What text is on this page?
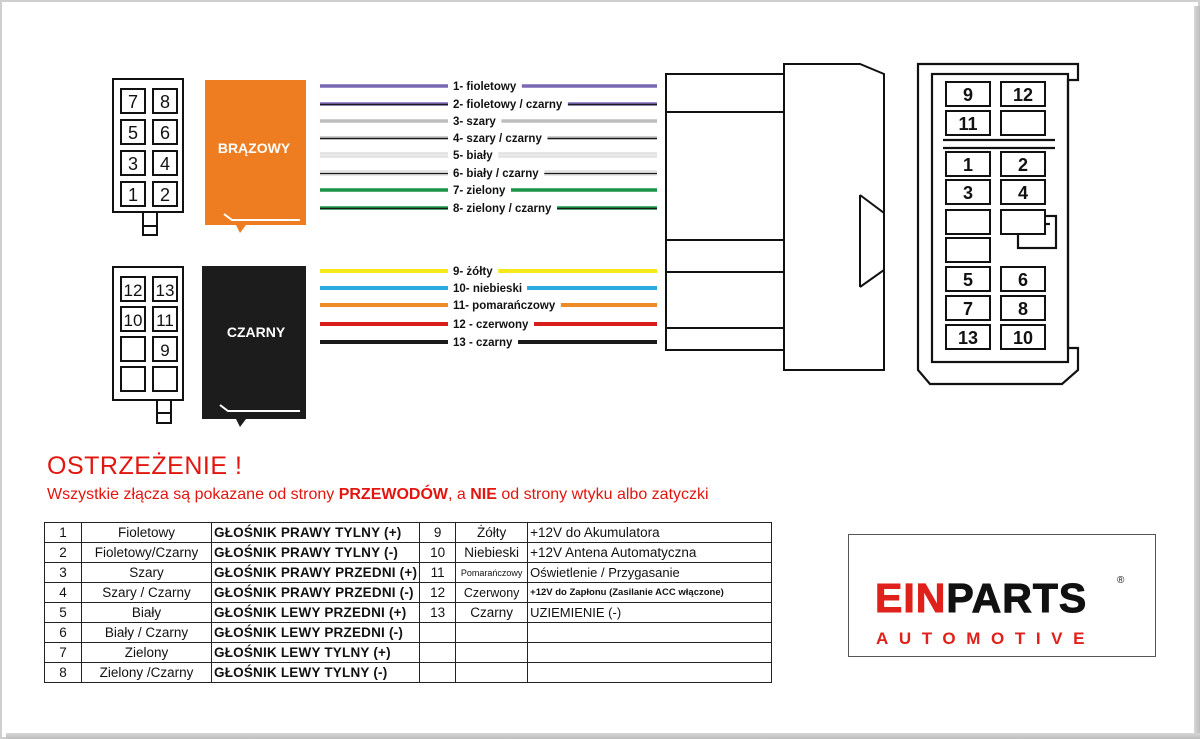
7 8
5 6
3 4
1 2
BRĄZOWY
12 13
10 11
9
CZARNY
1- fioletowy
2- fioletowy / czarny
3- szary
4- szary / czarny
5- biały
6- biały / czarny
7- zielony
8- zielony / czarny
9- żółty
10- niebieski
11- pomarańczowy
12 - czerwony
13 - czarny
9 12
11
1 2
3 4
5 6
7 8
13 10
OSTRZEŻENIE !
Wszystkie złącza są pokazane od strony PRZEWODÓW, a NIE od strony wtyku albo zatyczki
1	Fioletowy	GŁOŚNIK PRAWY TYLNY (+)	9	Żółty	+12V do Akumulatora
2	Fioletowy/Czarny	GŁOŚNIK PRAWY TYLNY (-)	10	Niebieski	+12V Antena Automatyczna
3	Szary	GŁOŚNIK PRAWY PRZEDNI (+)	11	Pomarańczowy	Oświetlenie / Przygasanie
4	Szary / Czarny	GŁOŚNIK PRAWY PRZEDNI (-)	12	Czerwony	+12V do Zapłonu (Zasilanie ACC włączone)
5	Biały	GŁOŚNIK LEWY PRZEDNI (+)	13	Czarny	UZIEMIENIE (-)
6	Biały / Czarny	GŁOŚNIK LEWY PRZEDNI (-)			
7	Zielony	GŁOŚNIK LEWY TYLNY (+)			
8	Zielony /Czarny	GŁOŚNIK LEWY TYLNY (-)			
EINPARTS	®
AUTOMOTIVE
